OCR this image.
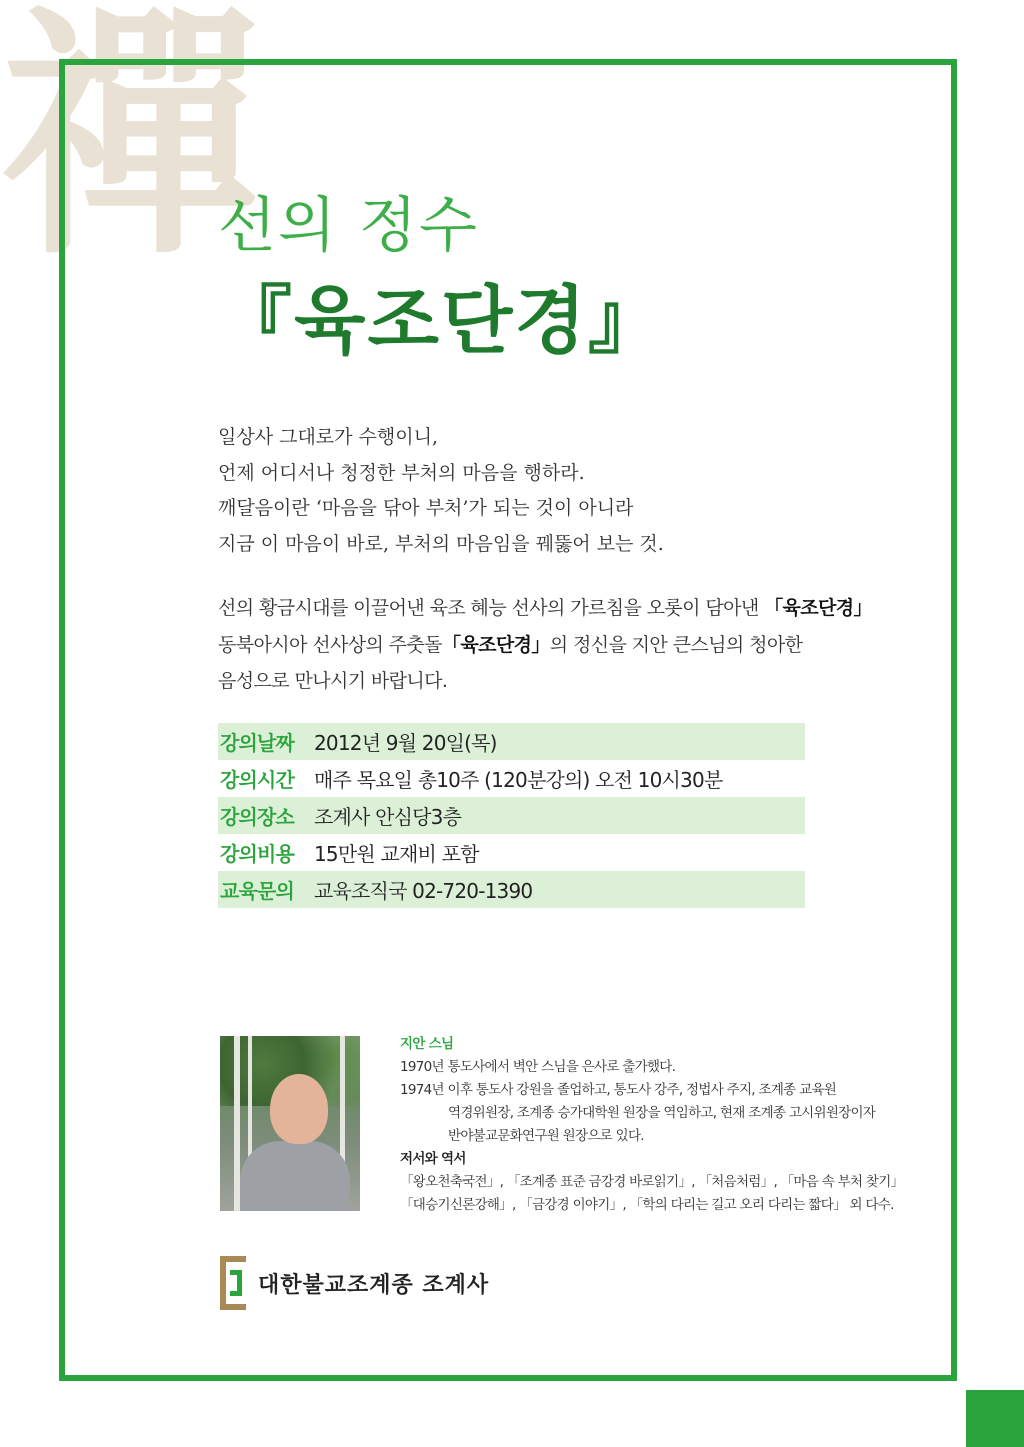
禪
선의 정수
『육조단경』
일상사 그대로가 수행이니,
언제 어디서나 청정한 부처의 마음을 행하라.
깨달음이란 ‘마음을 닦아 부처’가 되는 것이 아니라
지금 이 마음이 바로, 부처의 마음임을 꿰뚫어 보는 것.
선의 황금시대를 이끌어낸 육조 혜능 선사의 가르침을 오롯이 담아낸 「육조단경」
동북아시아 선사상의 주춧돌「육조단경」의 정신을 지안 큰스님의 청아한
음성으로 만나시기 바랍니다.
강의날짜 2012년 9월 20일(목)
강의시간 매주 목요일 총10주 (120분강의) 오전 10시30분
강의장소 조계사 안심당3층
강의비용 15만원 교재비 포함
교육문의 교육조직국 02-720-1390
지안 스님
1970년 통도사에서 벽안 스님을 은사로 출가했다.
1974년 이후 통도사 강원을 졸업하고, 통도사 강주, 정법사 주지, 조계종 교육원
역경위원장, 조계종 승가대학원 원장을 역임하고, 현재 조계종 고시위원장이자
반야불교문화연구원 원장으로 있다.
저서와 역서
「왕오천축국전」, 「조계종 표준 금강경 바로읽기」, 「처음처럼」, 「마음 속 부처 찾기」
「대승기신론강해」, 「금강경 이야기」, 「학의 다리는 길고 오리 다리는 짧다」 외 다수.
대한불교조계종 조계사
